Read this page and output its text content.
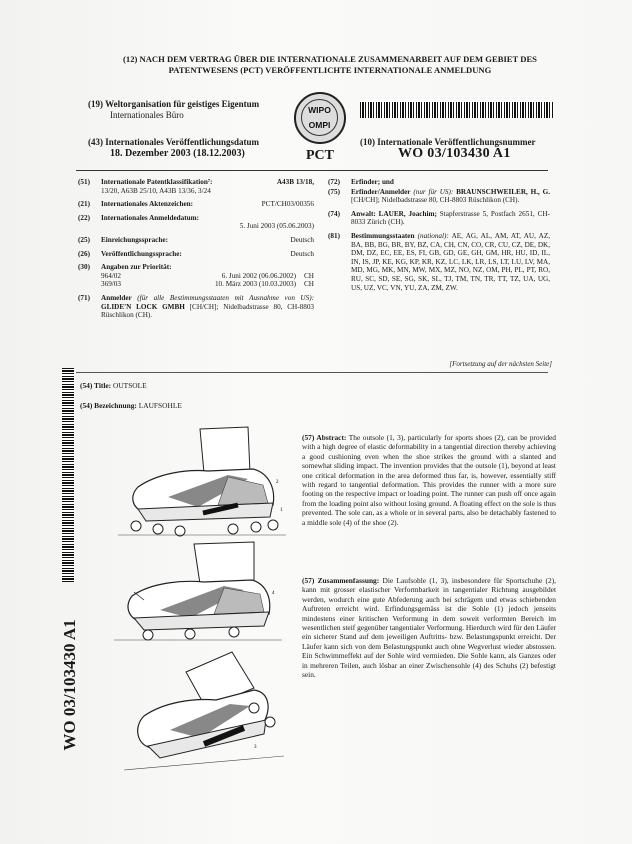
(12) NACH DEM VERTRAG ÜBER DIE INTERNATIONALE ZUSAMMENARBEIT AUF DEM GEBIET DES
PATENTWESENS (PCT) VERÖFFENTLICHTE INTERNATIONALE ANMELDUNG
(19) Weltorganisation für geistiges Eigentum
Internationales Büro	WIPO
OMPI
(43) Internationales Veröffentlichungsdatum
18. Dezember 2003 (18.12.2003)	PCT
(10) Internationale Veröffentlichungsnummer
WO 03/103430 A1
(51) Internationale Patentklassifikation⁷:	A43B 13/18,
13/20, A63B 25/10, A43B 13/36, 3/24
(21) Internationales Aktenzeichen:	PCT/CH03/00356
(22) Internationales Anmeldedatum:
5. Juni 2003 (05.06.2003)
(25) Einreichungssprache:	Deutsch
(26) Veröffentlichungssprache:	Deutsch
(30) Angaben zur Priorität:
964/02	6. Juni 2002 (06.06.2002)	CH
369/03	10. März 2003 (10.03.2003)	CH
(71) Anmelder (für alle Bestimmungsstaaten mit Ausnahme von US): GLIDE'N LOCK GMBH [CH/CH]; Nidelbadstrasse 80, CH-8803 Rüschlikon (CH).
(72) Erfinder; und
(75) Erfinder/Anmelder (nur für US): BRAUNSCHWEILER, H., G. [CH/CH]; Nidelbadstrasse 80, CH-8803 Rüschlikon (CH).
(74) Anwalt: LAUER, Joachim; Stapferstrasse 5, Postfach 2651, CH-8033 Zürich (CH).
(81) Bestimmungsstaaten (national): AE, AG, AL, AM, AT, AU, AZ, BA, BB, BG, BR, BY, BZ, CA, CH, CN, CO, CR, CU, CZ, DE, DK, DM, DZ, EC, EE, ES, FI, GB, GD, GE, GH, GM, HR, HU, ID, IL, IN, IS, JP, KE, KG, KP, KR, KZ, LC, LK, LR, LS, LT, LU, LV, MA, MD, MG, MK, MN, MW, MX, MZ, NO, NZ, OM, PH, PL, PT, RO, RU, SC, SD, SE, SG, SK, SL, TJ, TM, TN, TR, TT, TZ, UA, UG, US, UZ, VC, VN, YU, ZA, ZM, ZW.
[Fortsetzung auf der nächsten Seite]
(54) Title: OUTSOLE
(54) Bezeichnung: LAUFSOHLE
WO 03/103430 A1
2
1
4
3
(57) Abstract: The outsole (1, 3), particularly for sports shoes (2), can be provided with a high degree of elastic deformability in a tangential direction thereby achieving a good cushioning even when the shoe strikes the ground with a slanted and somewhat sliding impact. The invention provides that the outsole (1), beyond at least one critical deformation in the area deformed thus far, is, however, essentially stiff with regard to tangential deformation. This provides the runner with a more sure footing on the respective impact or loading point. The runner can push off once again from the loading point also without losing ground. A floating effect on the sole is thus prevented. The sole can, as a whole or in several parts, also be detachably fastened to a middle sole (4) of the shoe (2).
(57) Zusammenfassung: Die Laufsohle (1, 3), insbesondere für Sportschuhe (2), kann mit grosser elastischer Verformbarkeit in tangentialer Richtung ausgebildet werden, wodurch eine gute Abfederung auch bei schrägem und etwas schiebenden Auftreten erreicht wird. Erfindungsgemäss ist die Sohle (1) jedoch jenseits mindestens einer kritischen Verformung in dem soweit verformten Bereich im wesentlichen steif gegenüber tangentialer Verformung. Hierdurch wird für den Läufer ein sicherer Stand auf dem jeweiligen Auftritts- bzw. Belastungspunkt erreicht. Der Läufer kann sich von dem Belastungspunkt auch ohne Wegverlust wieder abstossen. Ein Schwimmeffekt auf der Sohle wird vermieden. Die Sohle kann, als Ganzes oder in mehreren Teilen, auch lösbar an einer Zwischensohle (4) des Schuhs (2) befestigt sein.
